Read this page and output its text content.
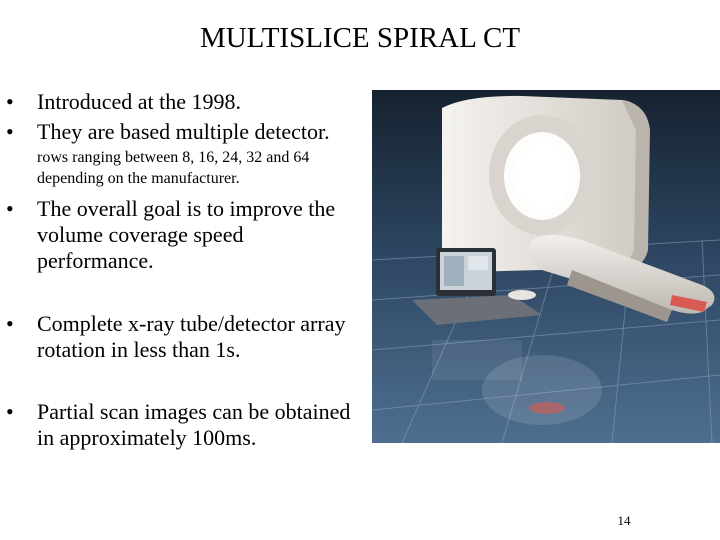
MULTISLICE SPIRAL CT
•	Introduced at the 1998.
•	They are based multiple detector.
rows ranging between 8, 16, 24, 32 and 64
depending on the manufacturer.
•	The overall goal is to improve the
volume coverage speed
performance.
•	Complete x-ray tube/detector array
rotation in less than 1s.
•	Partial scan images can be obtained
in approximately 100ms.
14
